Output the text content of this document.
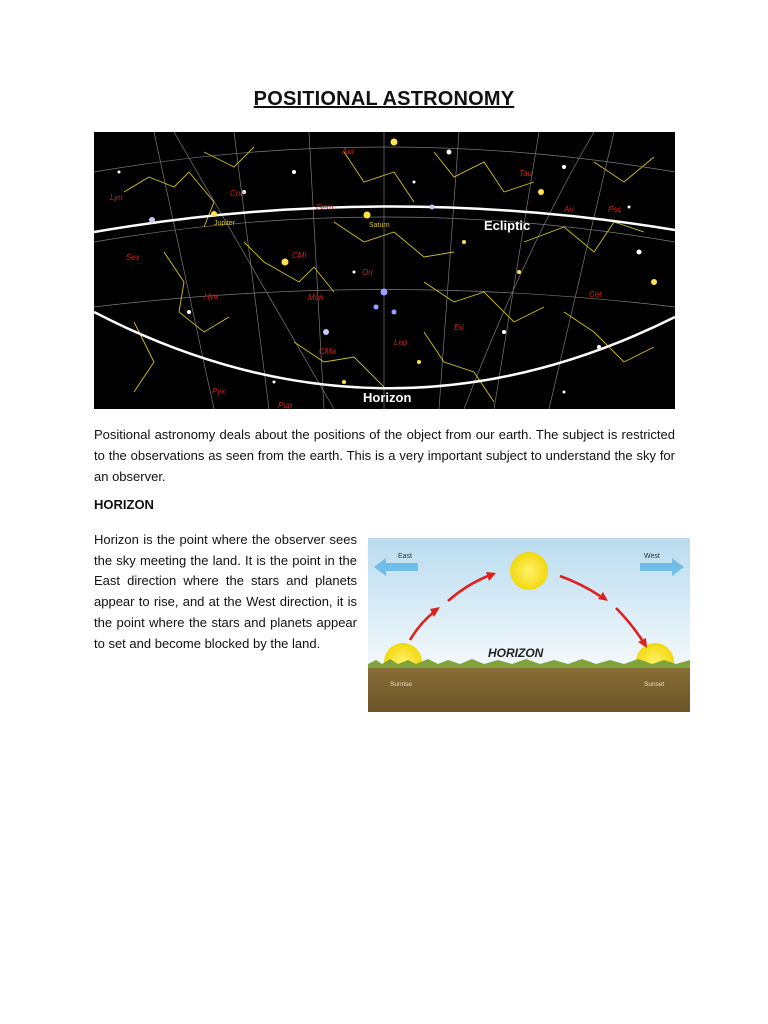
POSITIONAL ASTRONOMY
Aur
Tau
Cnc
Gem	Ari	Psc
Lyn
Sex
Hya
CMi
Ori
Eri
Cet
Mon
Lep
Pyx
Pup
CMa
Jupiter	Saturn	Ecliptic
Horizon
Positional astronomy deals about the positions of the object from our earth. The subject is restricted to the observations as seen from the earth. This is a very important subject to understand the sky for an observer.
HORIZON
Horizon is the point where the observer sees the sky meeting the land. It is the point in the East direction where the stars and planets appear to rise, and at the West direction, it is the point where the stars and planets appear to set and become blocked by the land.
East	West
HORIZON
Sunrise	Sunset
